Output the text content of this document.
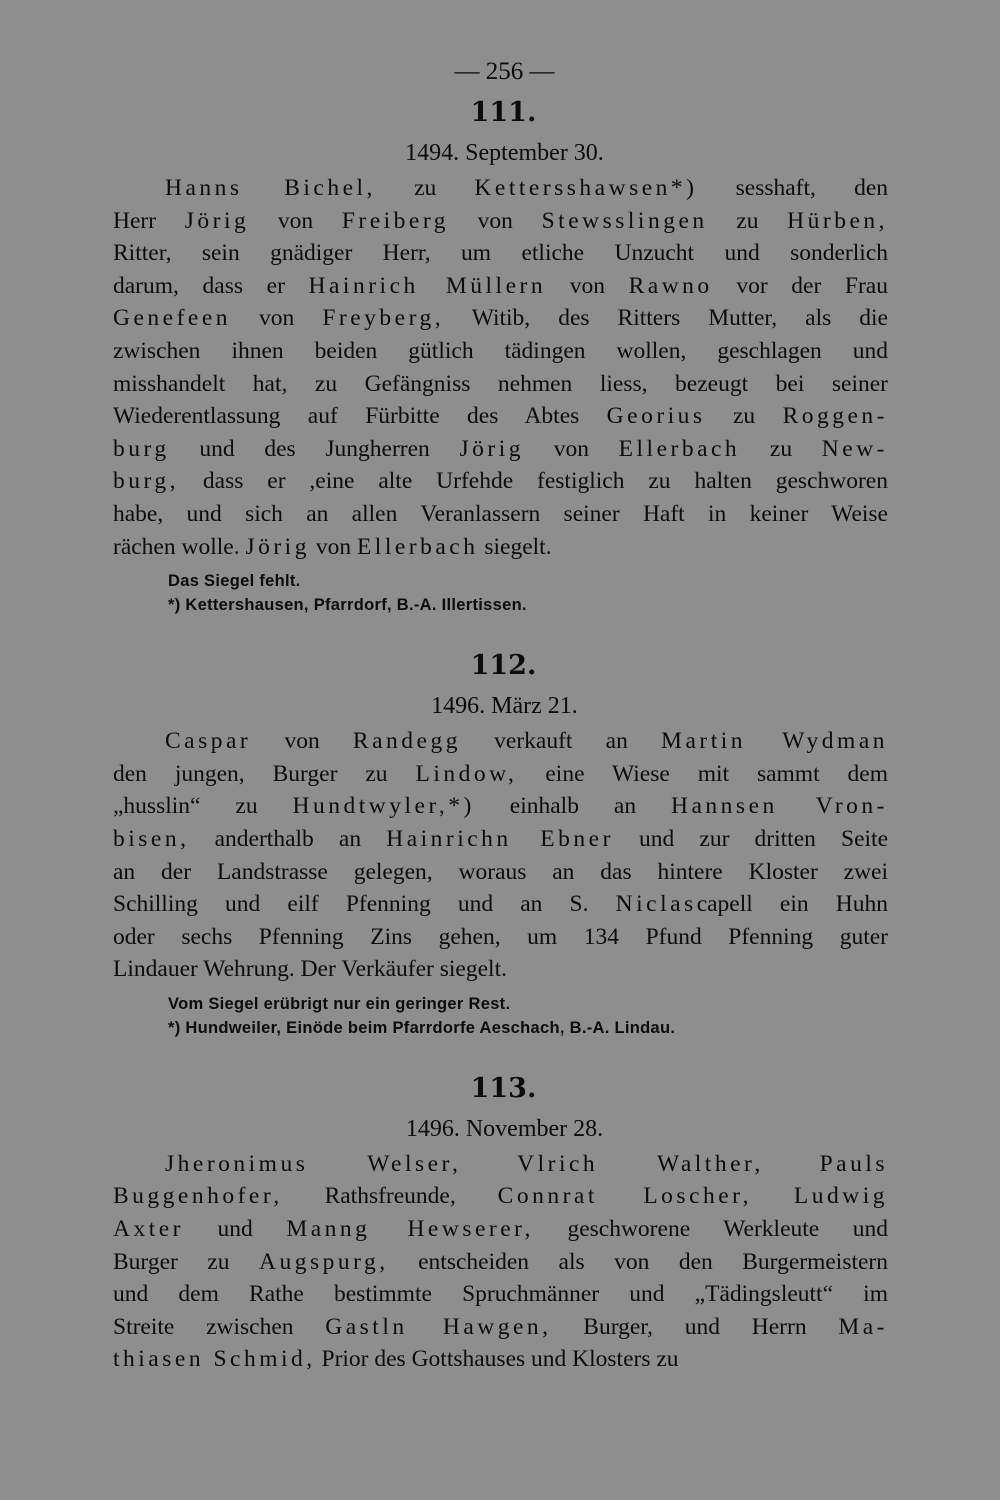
— 256 —
111.
1494. September 30.
Hanns Bichel, zu Kettersshawsen*) sesshaft, den
Herr Jörig von Freiberg von Stewsslingen zu Hürben,
Ritter, sein gnädiger Herr, um etliche Unzucht und sonderlich
darum, dass er Hainrich Müllern von Rawno vor der Frau
Genefeen von Freyberg, Witib, des Ritters Mutter, als die
zwischen ihnen beiden gütlich tädingen wollen, geschlagen und
misshandelt hat, zu Gefängniss nehmen liess, bezeugt bei seiner
Wiederentlassung auf Fürbitte des Abtes Georius zu Roggen-
burg und des Jungherren Jörig von Ellerbach zu New-
burg, dass er ,eine alte Urfehde festiglich zu halten geschworen
habe, und sich an allen Veranlassern seiner Haft in keiner Weise
rächen wolle. Jörig von Ellerbach siegelt.
Das Siegel fehlt.
*) Kettershausen, Pfarrdorf, B.-A. Illertissen.
112.
1496. März 21.
Caspar von Randegg verkauft an Martin Wydman
den jungen, Burger zu Lindow, eine Wiese mit sammt dem
„husslin“ zu Hundtwyler,*) einhalb an Hannsen Vron-
bisen, anderthalb an Hainrichn Ebner und zur dritten Seite
an der Landstrasse gelegen, woraus an das hintere Kloster zwei
Schilling und eilf Pfenning und an S. Niclascapell ein Huhn
oder sechs Pfenning Zins gehen, um 134 Pfund Pfenning guter
Lindauer Wehrung. Der Verkäufer siegelt.
Vom Siegel erübrigt nur ein geringer Rest.
*) Hundweiler, Einöde beim Pfarrdorfe Aeschach, B.-A. Lindau.
113.
1496. November 28.
Jheronimus Welser, Vlrich Walther, Pauls
Buggenhofer, Rathsfreunde, Connrat Loscher, Ludwig
Axter und Manng Hewserer, geschworene Werkleute und
Burger zu Augspurg, entscheiden als von den Burgermeistern
und dem Rathe bestimmte Spruchmänner und „Tädingsleutt“ im
Streite zwischen Gastln Hawgen, Burger, und Herrn Ma-
thiasen Schmid, Prior des Gottshauses und Klosters zu
